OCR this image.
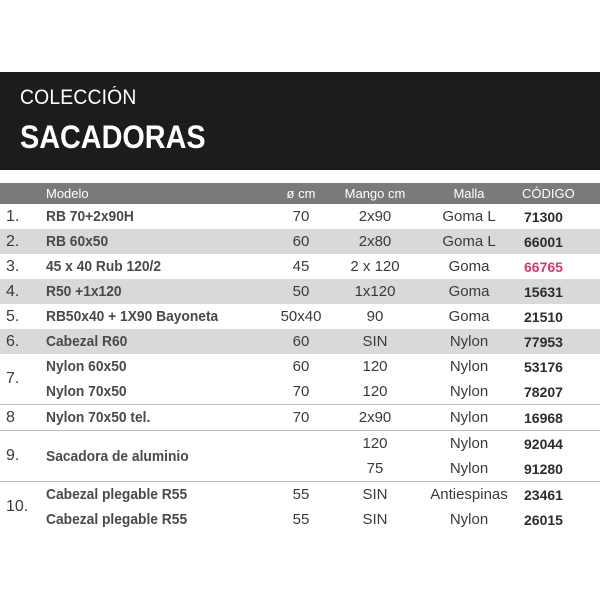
COLECCIÓN
SACADORAS
	Modelo	ø cm	Mango cm	Malla	CÓDIGO
1.	RB 70+2x90H	70	2x90	Goma L	71300
2.	RB 60x50	60	2x80	Goma L	66001
3.	45 x 40 Rub 120/2	45	2 x 120	Goma	66765
4.	R50 +1x120	50	1x120	Goma	15631
5.	RB50x40 + 1X90 Bayoneta	50x40	90	Goma	21510
6.	Cabezal R60	60	SIN	Nylon	77953
7.	Nylon 60x50	60	120	Nylon	53176
	Nylon 70x50	70	120	Nylon	78207
8	Nylon 70x50 tel.	70	2x90	Nylon	16968
9.	Sacadora de aluminio		120	Nylon	92044
			75	Nylon	91280
10.	Cabezal plegable R55	55	SIN	Antiespinas	23461
	Cabezal plegable R55	55	SIN	Nylon	26015
